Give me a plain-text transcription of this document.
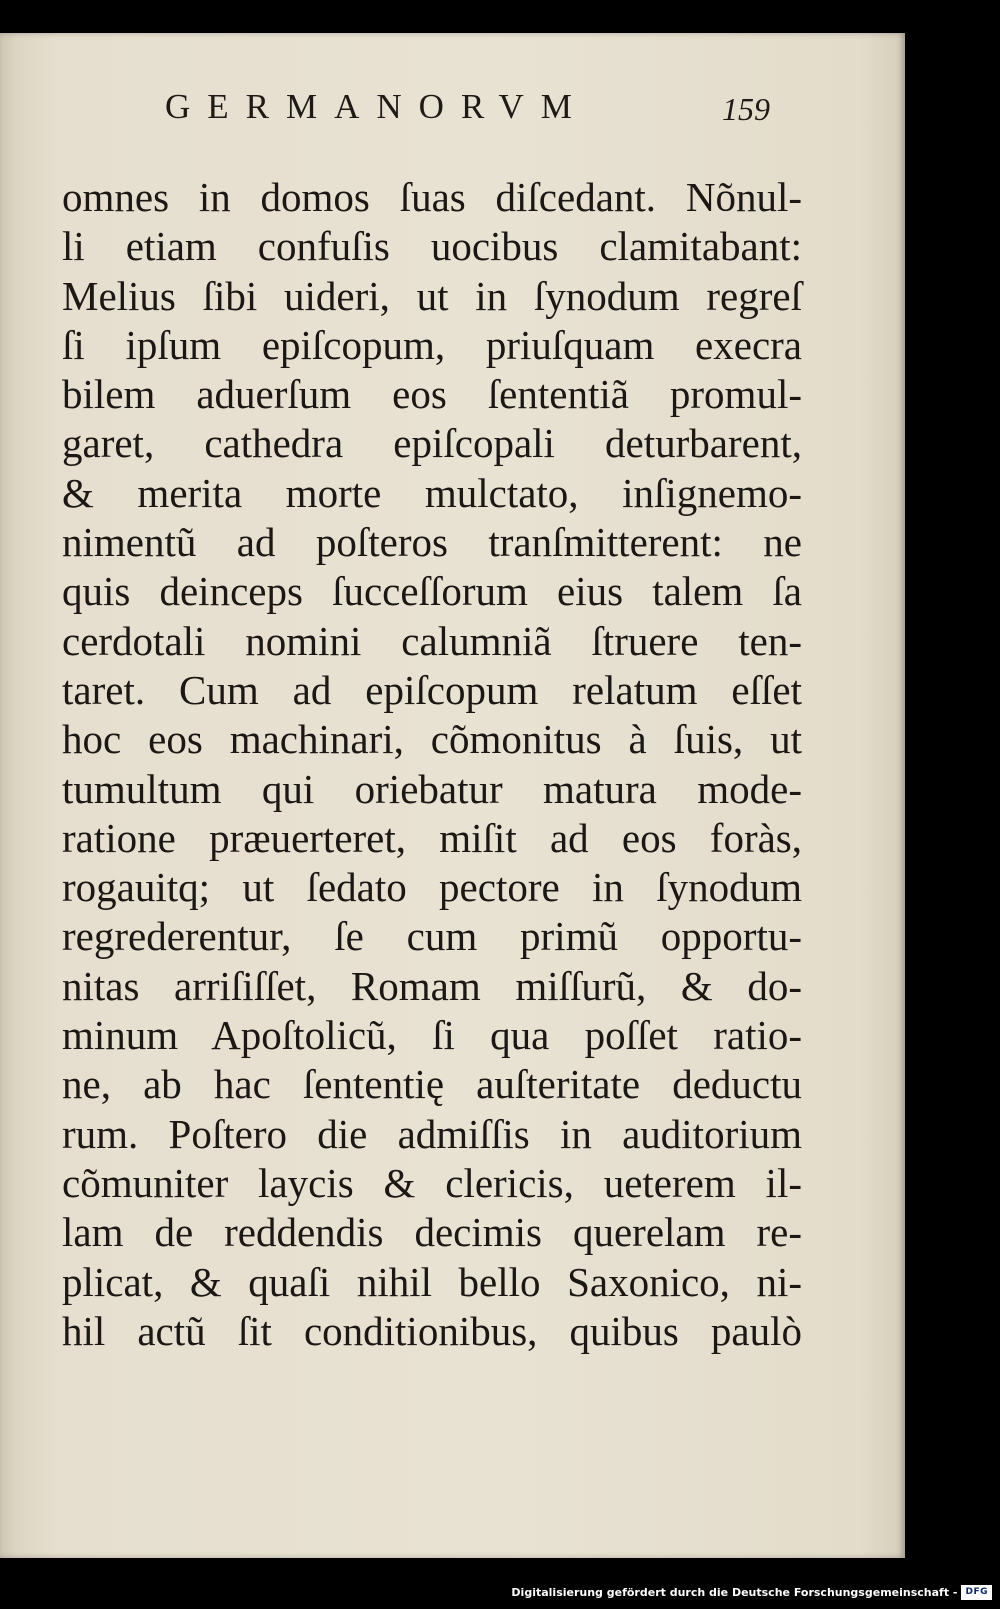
GERMANORVM	159
omnes in domos ſuas diſcedant. Nõnul-
li etiam confuſis uocibus clamitabant:
Melius ſibi uideri, ut in ſynodum regreſ
ſi ipſum epiſcopum, priuſquam execra
bilem aduerſum eos ſententiã promul-
garet, cathedra epiſcopali deturbarent,
& merita morte mulctato, inſignemo-
nimentũ ad poſteros tranſmitterent: ne
quis deinceps ſucceſſorum eius talem ſa
cerdotali nomini calumniã ſtruere ten-
taret. Cum ad epiſcopum relatum eſſet
hoc eos machinari, cõmonitus à ſuis, ut
tumultum qui oriebatur matura mode-
ratione præuerteret, miſit ad eos foràs,
rogauitq; ut ſedato pectore in ſynodum
regrederentur, ſe cum primũ opportu-
nitas arriſiſſet, Romam miſſurũ, & do-
minum Apoſtolicũ, ſi qua poſſet ratio-
ne, ab hac ſententię auſteritate deductu
rum. Poſtero die admiſſis in auditorium
cõmuniter laycis & clericis, ueterem il-
lam de reddendis decimis querelam re-
plicat, & quaſi nihil bello Saxonico, ni-
hil actũ ſit conditionibus, quibus paulò
Digitalisierung gefördert durch die Deutsche Forschungsgemeinschaft - DFG
